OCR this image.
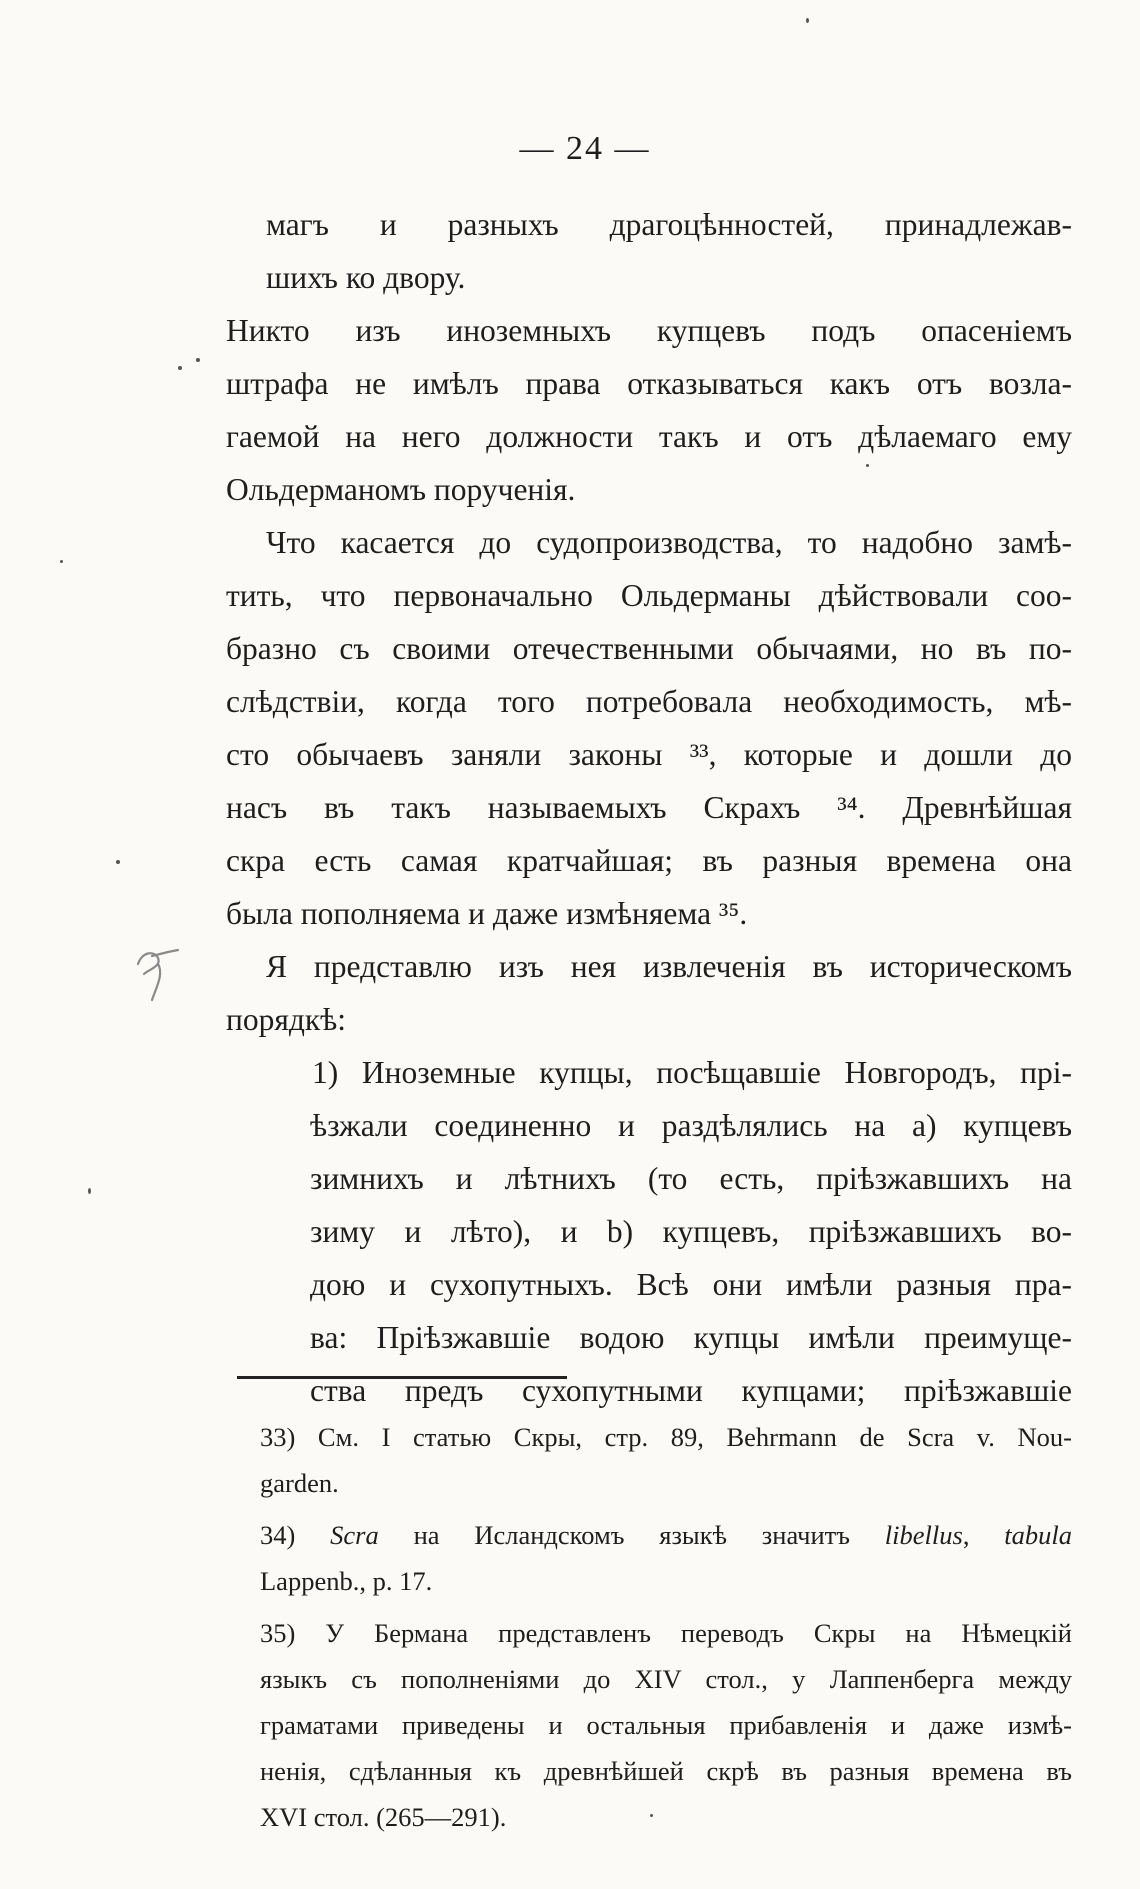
— 24 —
магъ и разныхъ драгоцѣнностей, принадлежав-
шихъ ко двору.
Никто изъ иноземныхъ купцевъ подъ опасеніемъ
штрафа не имѣлъ права отказываться какъ отъ возла-
гаемой на него должности такъ и отъ дѣлаемаго ему
Ольдерманомъ порученія.
Что касается до судопроизводства, то надобно замѣ-
тить, что первоначально Ольдерманы дѣйствовали соо-
бразно съ своими отечественными обычаями, но въ по-
слѣдствіи, когда того потребовала необходимость, мѣ-
сто обычаевъ заняли законы ³³, которые и дошли до
насъ въ такъ называемыхъ Скрахъ ³⁴. Древнѣйшая
скра есть самая кратчайшая; въ разныя времена она
была пополняема и даже измѣняема ³⁵.
Я представлю изъ нея извлеченія въ историческомъ
порядкѣ:
1) Иноземные купцы, посѣщавшіе Новгородъ, прі-
ѣзжали соединенно и раздѣлялись на а) купцевъ
зимнихъ и лѣтнихъ (то есть, пріѣзжавшихъ на
зиму и лѣто), и b) купцевъ, пріѣзжавшихъ во-
дою и сухопутныхъ. Всѣ они имѣли разныя пра-
ва: Пріѣзжавшіе водою купцы имѣли преимуще-
ства предъ сухопутными купцами; пріѣзжавшіе
33) См. I статью Скры, стр. 89, Behrmann de Scra v. Nou-
garden.
34) Scra на Исландскомъ языкѣ значитъ libellus, tabula
Lappenb., p. 17.
35) У Бермана представленъ переводъ Скры на Нѣмецкій
языкъ съ пополненіями до XIV стол., у Лаппенберга между
граматами приведены и остальныя прибавленія и даже измѣ-
ненія, сдѣланныя къ древнѣйшей скрѣ въ разныя времена въ
XVI стол. (265—291).
